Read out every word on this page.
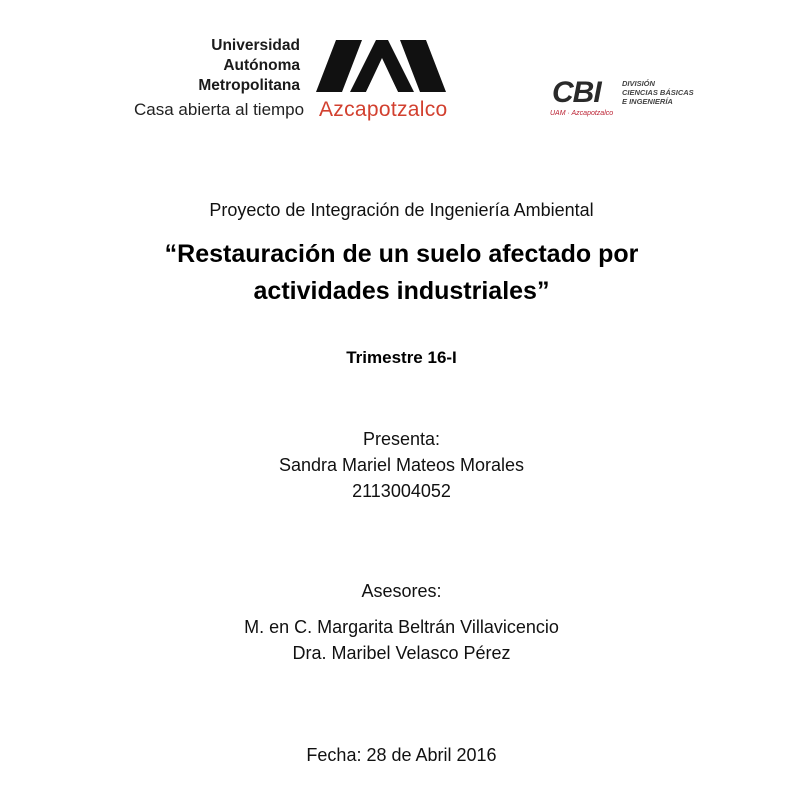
Universidad
Autónoma
Metropolitana
Casa abierta al tiempo Azcapotzalco
CBI	DIVISIÓN
CIENCIAS BÁSICAS
E INGENIERÍA
UAM · Azcapotzalco
Proyecto de Integración de Ingeniería Ambiental
“Restauración de un suelo afectado por
actividades industriales”
Trimestre 16-I
Presenta:
Sandra Mariel Mateos Morales
2113004052
Asesores:
M. en C. Margarita Beltrán Villavicencio
Dra. Maribel Velasco Pérez
Fecha: 28 de Abril 2016
